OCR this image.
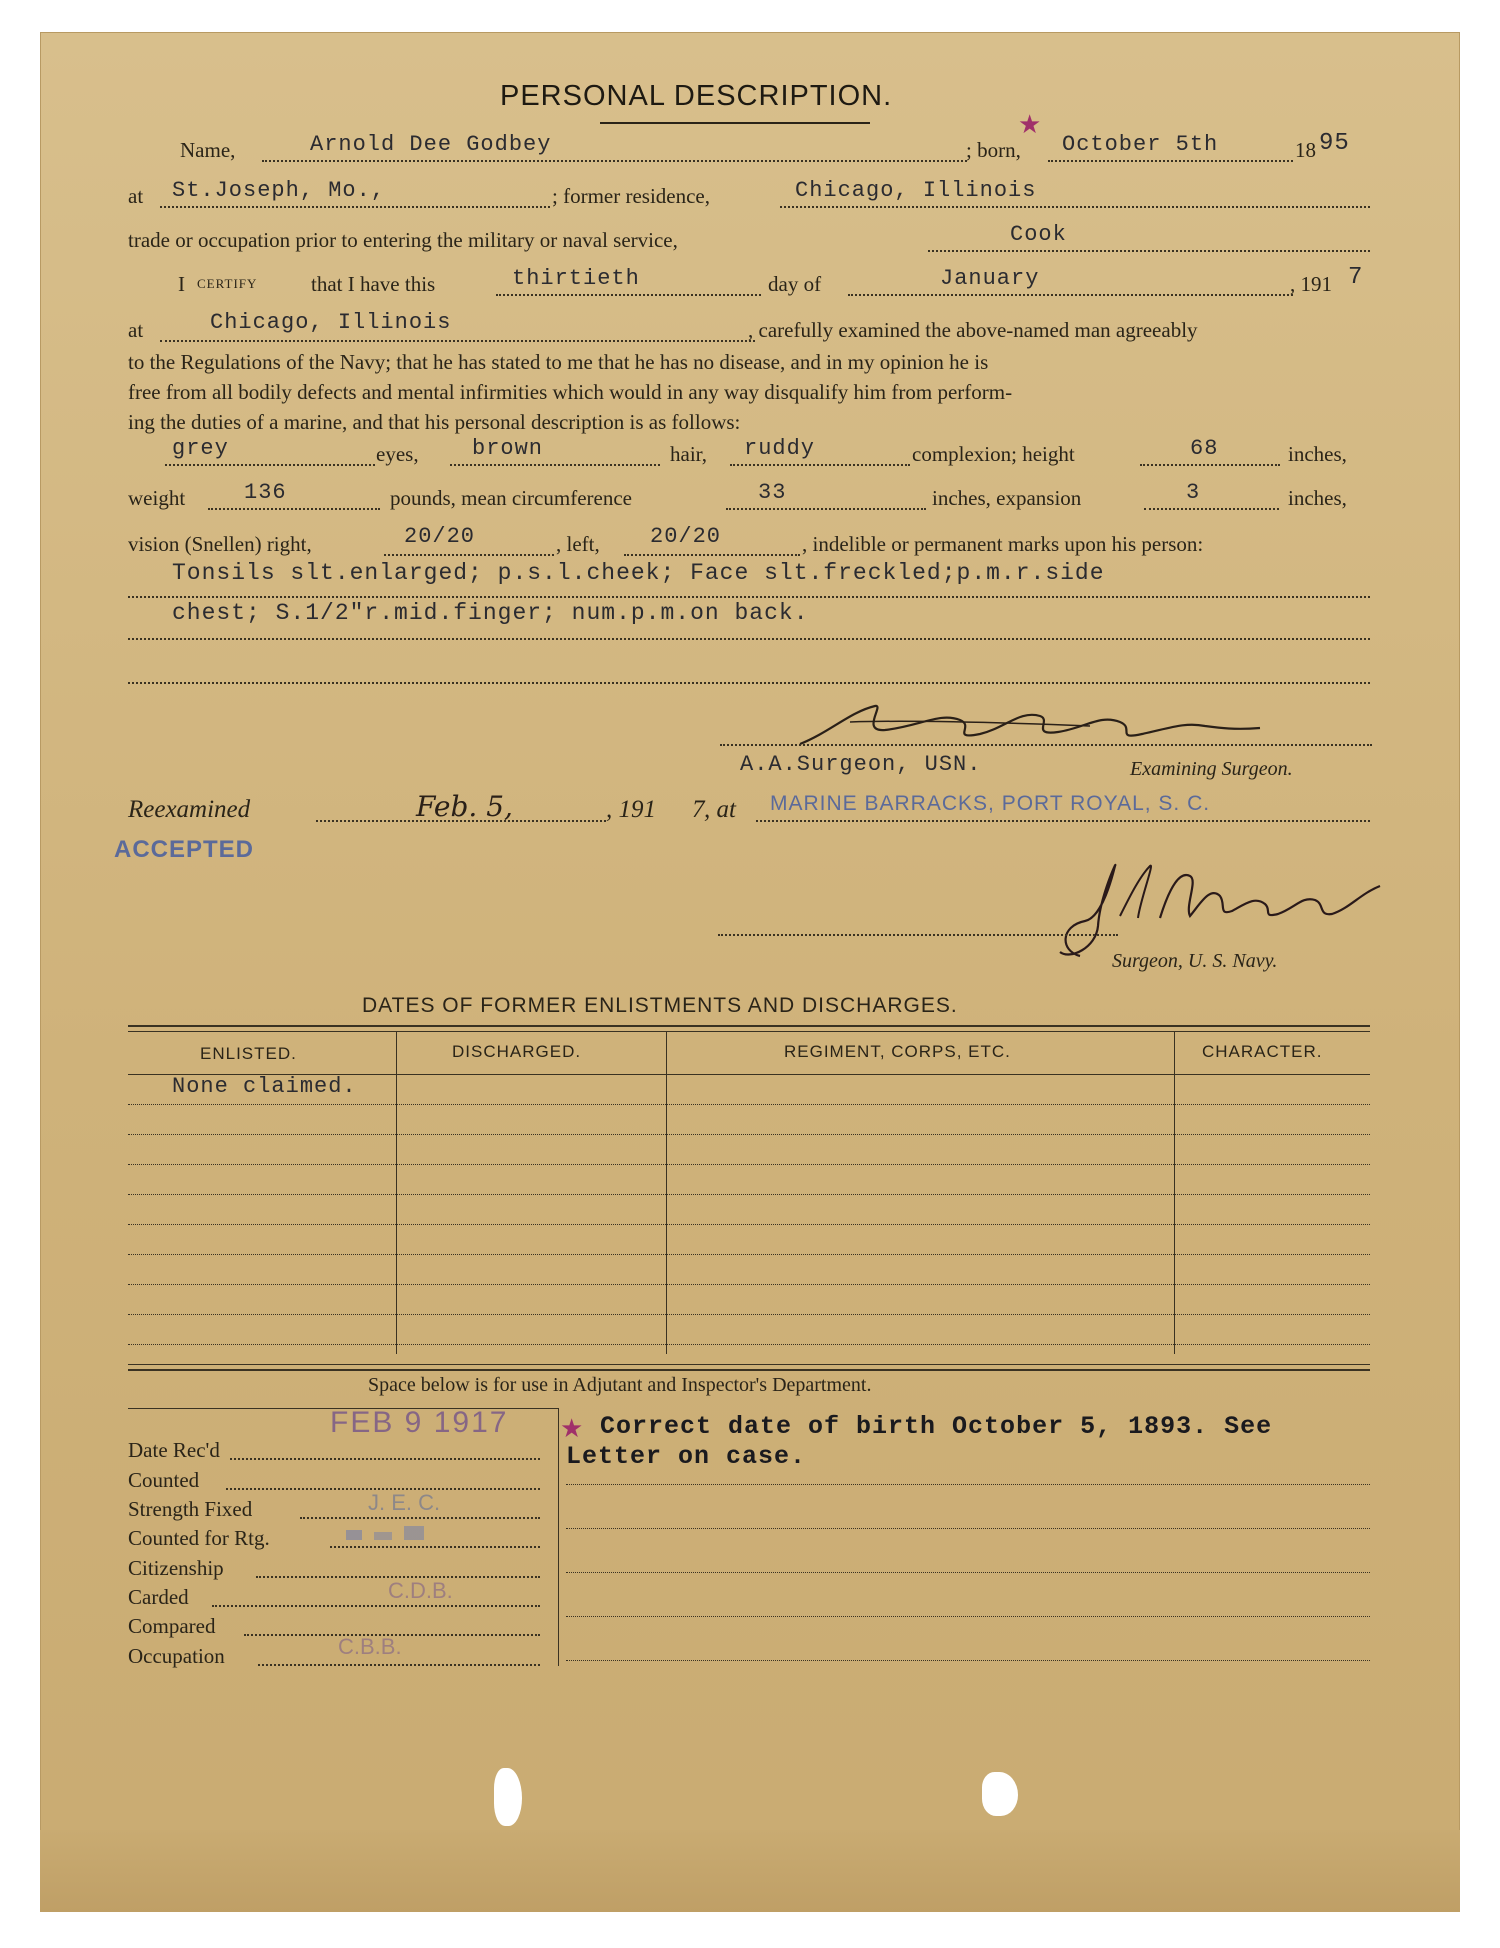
PERSONAL DESCRIPTION.
Name,	Arnold Dee Godbey	; born,
★
October 5th	18 95
at St.Joseph, Mo.,	; former residence,	Chicago, Illinois
trade or occupation prior to entering the military or naval service,	Cook
I certify	that I have this	thirtieth	day of	January	, 191 7
at	Chicago, Illinois	, carefully examined the above-named man agreeably
to the Regulations of the Navy; that he has stated to me that he has no disease, and in my opinion he is
free from all bodily defects and mental infirmities which would in any way disqualify him from perform-
ing the duties of a marine, and that his personal description is as follows:
grey	eyes, brown	hair, ruddy	complexion; height	68	inches,
weight	136	pounds, mean circumference	33	inches, expansion	3	inches,
vision (Snellen) right,	20/20	, left, 20/20	, indelible or permanent marks upon his person:
Tonsils slt.enlarged; p.s.l.cheek; Face slt.freckled;p.m.r.side
chest; S.1/2"r.mid.finger; num.p.m.on back.
A.A.Surgeon, USN.	Examining Surgeon.
Reexamined	Feb. 5,	, 191 7 , at MARINE BARRACKS, PORT ROYAL, S. C.
ACCEPTED
Surgeon, U. S. Navy.
DATES OF FORMER ENLISTMENTS AND DISCHARGES.
ENLISTED.	DISCHARGED.	REGIMENT, CORPS, ETC.	CHARACTER.
None claimed.
Space below is for use in Adjutant and Inspector's Department.
FEB 9 1917
Date Rec'd
Counted
Strength Fixed	J. E. C.
Counted for Rtg.
Citizenship
Carded	C.D.B.
Compared
Occupation	C.B.B.
★ Correct date of birth October 5, 1893. See
Letter on case.
